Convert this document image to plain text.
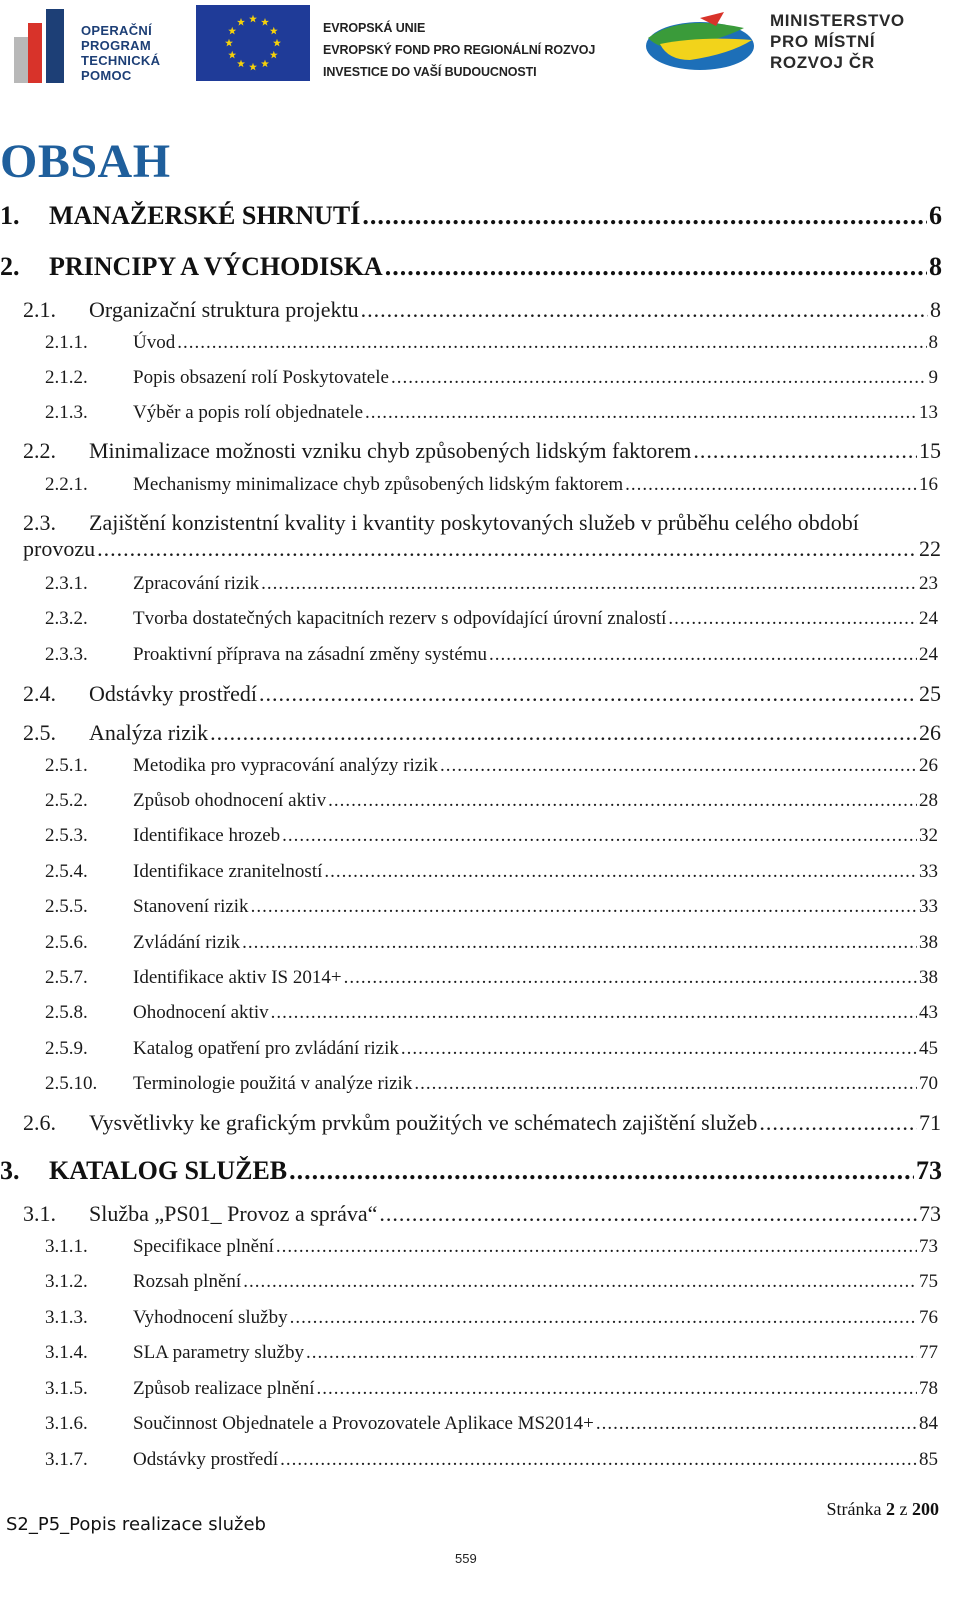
OPERAČNÍ
PROGRAM
TECHNICKÁ
POMOC
EVROPSKÁ UNIE
EVROPSKÝ FOND PRO REGIONÁLNÍ ROZVOJ
INVESTICE DO VAŠÍ BUDOUCNOSTI
MINISTERSTVO
PRO MÍSTNÍ
ROZVOJ ČR
OBSAH
1.	MANAŽERSKÉ SHRNUTÍ .....	6
2.	PRINCIPY A VÝCHODISKA .....	8
2.1.	Organizační struktura projektu .....	8
2.1.1.	Úvod .....	8
2.1.2.	Popis obsazení rolí Poskytovatele .....	9
2.1.3.	Výběr a popis rolí objednatele .....	13
2.2.	Minimalizace možnosti vzniku chyb způsobených lidským faktorem .....	15
2.2.1.	Mechanismy minimalizace chyb způsobených lidským faktorem .....	16
2.3. Zajištění konzistentní kvality i kvantity poskytovaných služeb v průběhu celého období
provozu .....	22
2.3.1.	Zpracování rizik .....	23
2.3.2.	Tvorba dostatečných kapacitních rezerv s odpovídající úrovní znalostí .....	24
2.3.3.	Proaktivní příprava na zásadní změny systému .....	24
2.4.	Odstávky prostředí .....	25
2.5.	Analýza rizik .....	26
2.5.1.	Metodika pro vypracování analýzy rizik .....	26
2.5.2.	Způsob ohodnocení aktiv .....	28
2.5.3.	Identifikace hrozeb .....	32
2.5.4.	Identifikace zranitelností .....	33
2.5.5.	Stanovení rizik .....	33
2.5.6.	Zvládání rizik .....	38
2.5.7.	Identifikace aktiv IS 2014+ .....	38
2.5.8.	Ohodnocení aktiv .....	43
2.5.9.	Katalog opatření pro zvládání rizik .....	45
2.5.10.	Terminologie použitá v analýze rizik .....	70
2.6.	Vysvětlivky ke grafickým prvkům použitých ve schématech zajištění služeb .....	71
3.	KATALOG SLUŽEB .....	73
3.1.	Služba „PS01_ Provoz a správa“ .....	73
3.1.1.	Specifikace plnění .....	73
3.1.2.	Rozsah plnění .....	75
3.1.3.	Vyhodnocení služby .....	76
3.1.4.	SLA parametry služby .....	77
3.1.5.	Způsob realizace plnění .....	78
3.1.6.	Součinnost Objednatele a Provozovatele Aplikace MS2014+ .....	84
3.1.7.	Odstávky prostředí .....	85
S2_P5_Popis realizace služeb
Stránka 2 z 200
559
